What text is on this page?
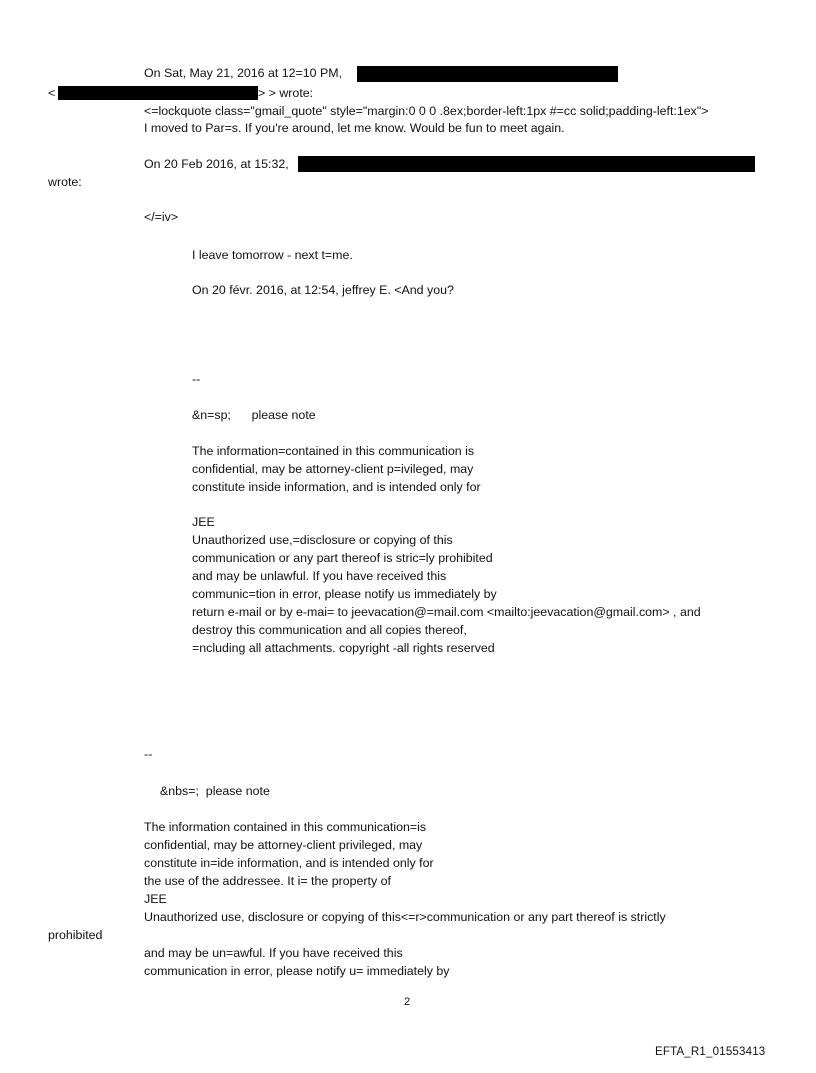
On Sat, May 21, 2016 at 12=10 PM,
<	> > wrote:
<=lockquote class="gmail_quote" style="margin:0 0 0 .8ex;border-left:1px #=cc solid;padding-left:1ex">
I moved to Par=s. If you're around, let me know. Would be fun to meet again.
On 20 Feb 2016, at 15:32,
wrote:
</=iv>
I leave tomorrow - next t=me.
On 20 févr. 2016, at 12:54, jeffrey E. <And you?
--
&n=sp;      please note
The information=contained in this communication is
confidential, may be attorney-client p=ivileged, may
constitute inside information, and is intended only for
JEE
Unauthorized use,=disclosure or copying of this
communication or any part thereof is stric=ly prohibited
and may be unlawful. If you have received this
communic=tion in error, please notify us immediately by
return e-mail or by e-mai= to jeevacation@=mail.com <mailto:jeevacation@gmail.com> , and
destroy this communication and all copies thereof,
=ncluding all attachments. copyright -all rights reserved
--
&nbs=;  please note
The information contained in this communication=is
confidential, may be attorney-client privileged, may
constitute in=ide information, and is intended only for
the use of the addressee. It i= the property of
JEE
Unauthorized use, disclosure or copying of this<=r>communication or any part thereof is strictly
prohibited
and may be un=awful. If you have received this
communication in error, please notify u= immediately by
2
EFTA_R1_01553413
